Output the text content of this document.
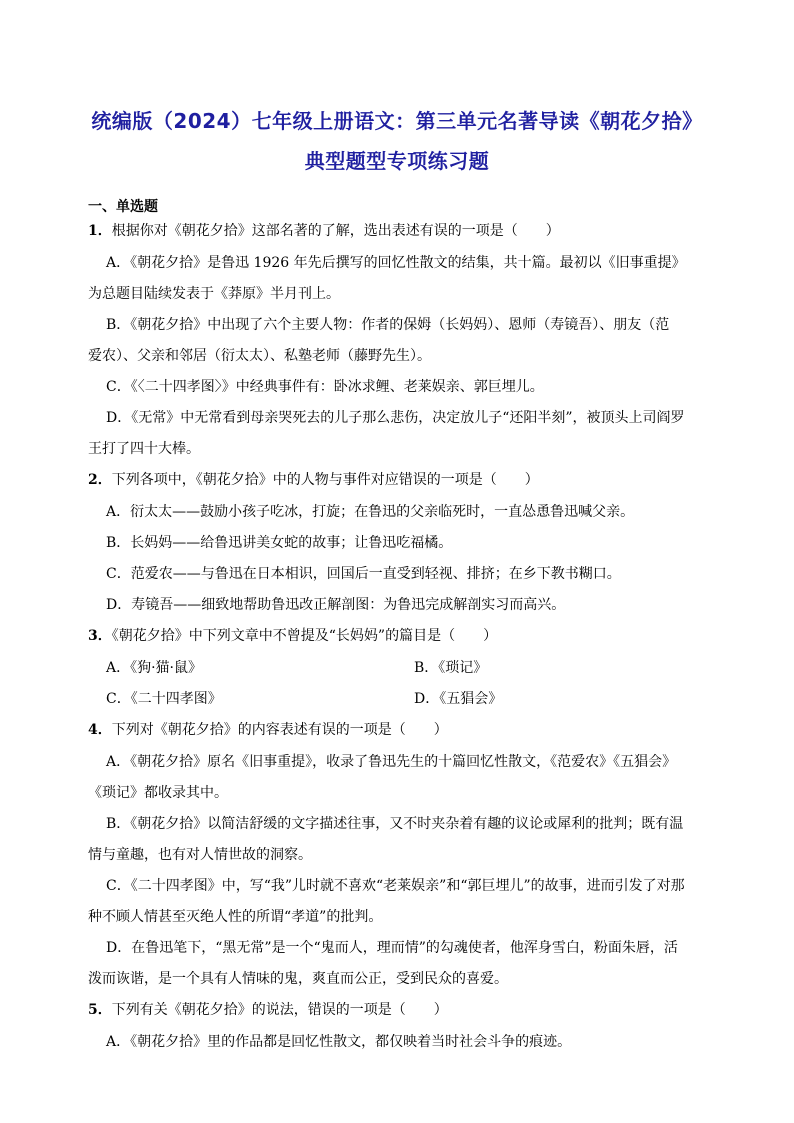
统编版（2024）七年级上册语文：第三单元名著导读《朝花夕拾》
典型题型专项练习题
一、单选题
1．根据你对《朝花夕拾》这部名著的了解，选出表述有误的一项是（　　）
A．《朝花夕拾》是鲁迅 1926 年先后撰写的回忆性散文的结集，共十篇。最初以《旧事重提》
为总题目陆续发表于《莽原》半月刊上。
B．《朝花夕拾》中出现了六个主要人物：作者的保姆（长妈妈）、恩师（寿镜吾）、朋友（范
爱农）、父亲和邻居（衍太太）、私塾老师（藤野先生）。
C．《〈二十四孝图〉》中经典事件有：卧冰求鲤、老莱娱亲、郭巨埋儿。
D．《无常》中无常看到母亲哭死去的儿子那么悲伤，决定放儿子“还阳半刻”，被顶头上司阎罗
王打了四十大棒。
2．下列各项中，《朝花夕拾》中的人物与事件对应错误的一项是（　　）
A．衍太太——鼓励小孩子吃冰，打旋；在鲁迅的父亲临死时，一直怂恿鲁迅喊父亲。
B．长妈妈——给鲁迅讲美女蛇的故事；让鲁迅吃福橘。
C．范爱农——与鲁迅在日本相识，回国后一直受到轻视、排挤；在乡下教书糊口。
D．寿镜吾——细致地帮助鲁迅改正解剖图：为鲁迅完成解剖实习而高兴。
3．《朝花夕拾》中下列文章中不曾提及“长妈妈”的篇目是（　　）
A．《狗·猫·鼠》	B．《琐记》
C．《二十四孝图》	D．《五猖会》
4．下列对《朝花夕拾》的内容表述有误的一项是（　　）
A．《朝花夕拾》原名《旧事重提》，收录了鲁迅先生的十篇回忆性散文，《范爱农》《五猖会》
《琐记》都收录其中。
B．《朝花夕拾》以简洁舒缓的文字描述往事，又不时夹杂着有趣的议论或犀利的批判；既有温
情与童趣，也有对人情世故的洞察。
C．《二十四孝图》中，写“我”儿时就不喜欢“老莱娱亲”和“郭巨埋儿”的故事，进而引发了对那
种不顾人情甚至灭绝人性的所谓“孝道”的批判。
D．在鲁迅笔下，“黑无常”是一个“鬼而人，理而情”的勾魂使者，他浑身雪白，粉面朱唇，活
泼而诙谐，是一个具有人情味的鬼，爽直而公正，受到民众的喜爱。
5．下列有关《朝花夕拾》的说法，错误的一项是（　　）
A．《朝花夕拾》里的作品都是回忆性散文，都仅映着当时社会斗争的痕迹。
